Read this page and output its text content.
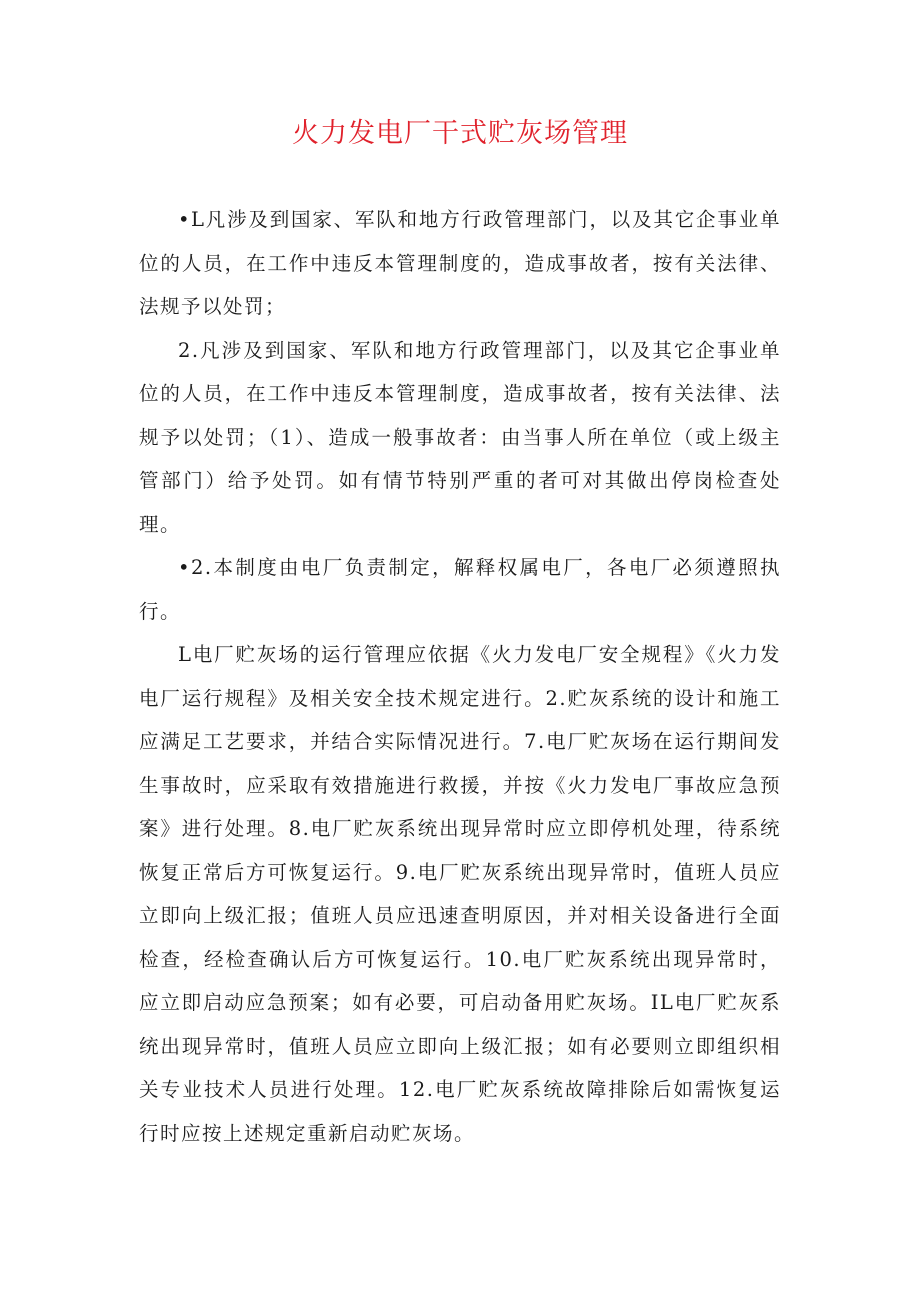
火力发电厂干式贮灰场管理

•L凡涉及到国家、军队和地方行政管理部门，以及其它企事业单位的人员，在工作中违反本管理制度的，造成事故者，按有关法律、法规予以处罚；

2.凡涉及到国家、军队和地方行政管理部门，以及其它企事业单位的人员，在工作中违反本管理制度，造成事故者，按有关法律、法规予以处罚；（1）、造成一般事故者：由当事人所在单位（或上级主管部门）给予处罚。如有情节特别严重的者可对其做出停岗检查处理。

•2.本制度由电厂负责制定，解释权属电厂，各电厂必须遵照执行。

L电厂贮灰场的运行管理应依据《火力发电厂安全规程》《火力发电厂运行规程》及相关安全技术规定进行。2.贮灰系统的设计和施工应满足工艺要求，并结合实际情况进行。7.电厂贮灰场在运行期间发生事故时，应采取有效措施进行救援，并按《火力发电厂事故应急预案》进行处理。8.电厂贮灰系统出现异常时应立即停机处理，待系统恢复正常后方可恢复运行。9.电厂贮灰系统出现异常时，值班人员应立即向上级汇报；值班人员应迅速查明原因，并对相关设备进行全面检查，经检查确认后方可恢复运行。10.电厂贮灰系统出现异常时，应立即启动应急预案；如有必要，可启动备用贮灰场。IL电厂贮灰系统出现异常时，值班人员应立即向上级汇报；如有必要则立即组织相关专业技术人员进行处理。12.电厂贮灰系统故障排除后如需恢复运行时应按上述规定重新启动贮灰场。
